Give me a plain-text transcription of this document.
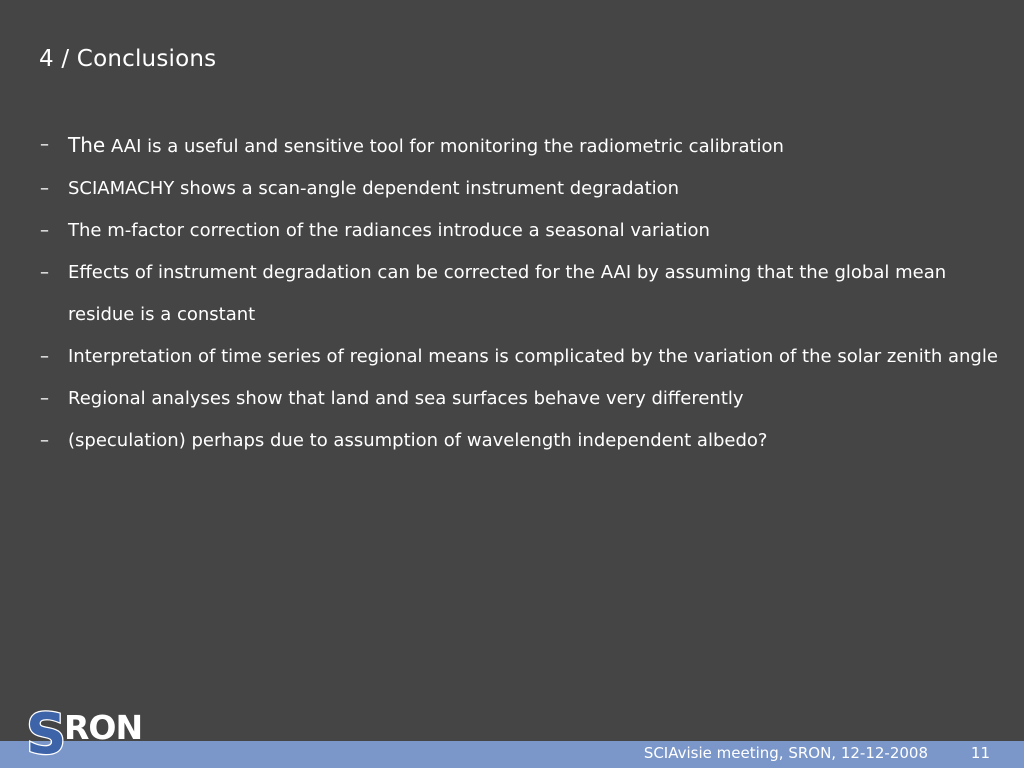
4 / Conclusions
– The AAI is a useful and sensitive tool for monitoring the radiometric calibration
– SCIAMACHY shows a scan-angle dependent instrument degradation
– The m-factor correction of the radiances introduce a seasonal variation
– Effects of instrument degradation can be corrected for the AAI by assuming that the global mean residue is a constant
– Interpretation of time series of regional means is complicated by the variation of the solar zenith angle
– Regional analyses show that land and sea surfaces behave very differently
– (speculation) perhaps due to assumption of wavelength independent albedo?
S
RON
SCIAvisie meeting, SRON, 12-12-2008	11
